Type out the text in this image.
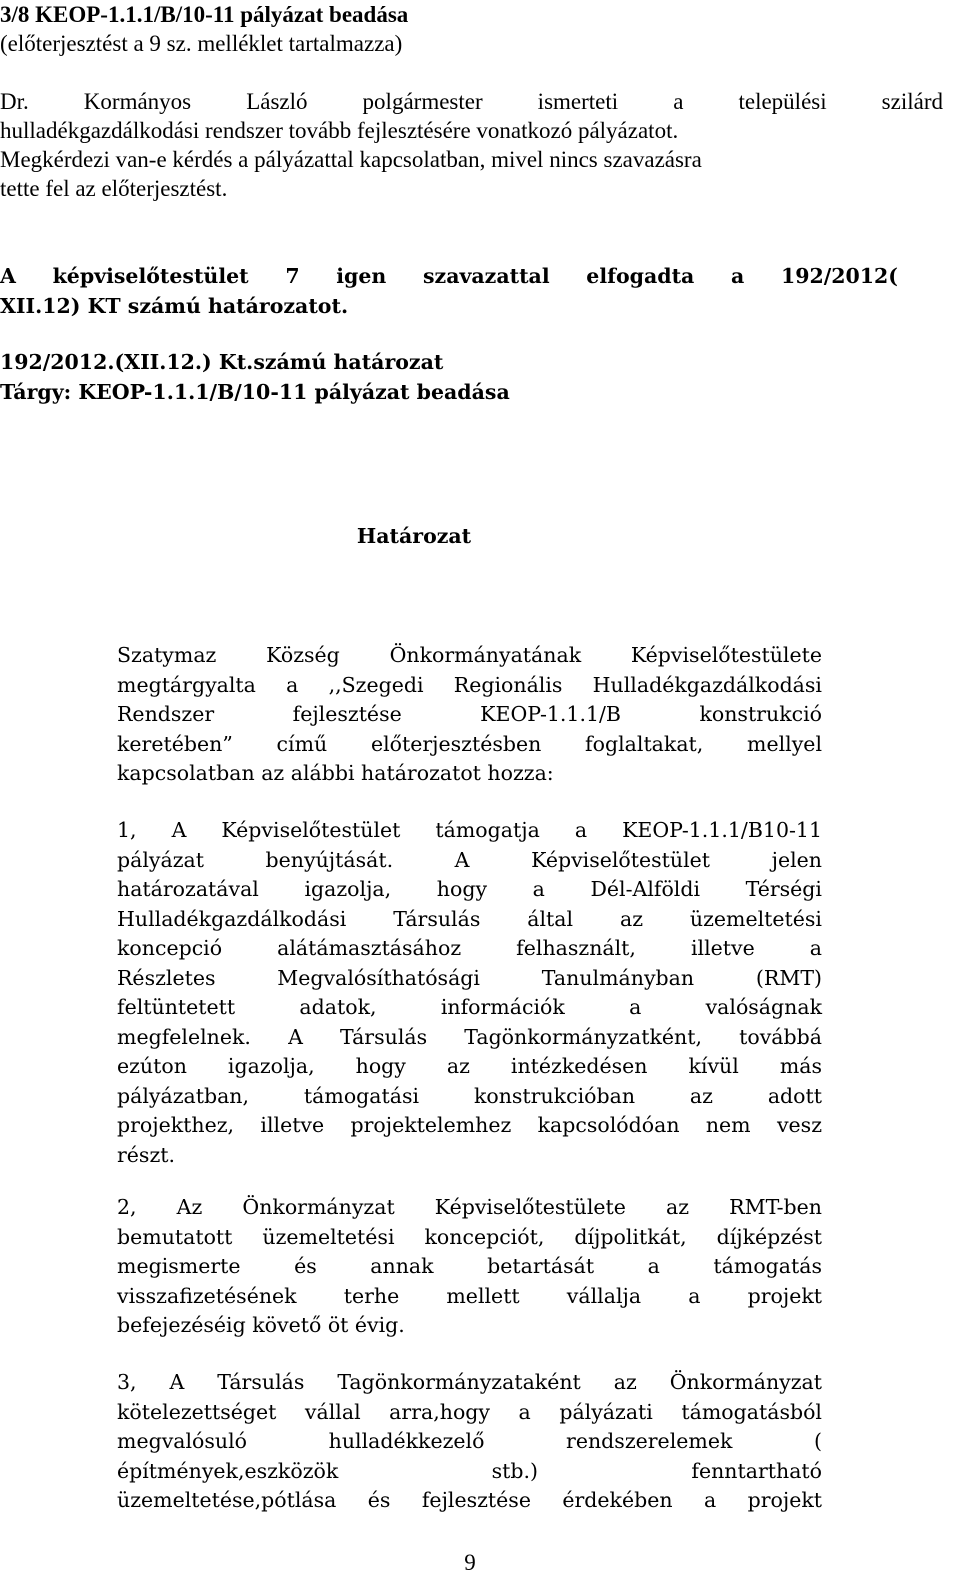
3/8 KEOP-1.1.1/B/10-11 pályázat beadása
(előterjesztést a 9 sz. melléklet tartalmazza)
Dr. Kormányos László polgármester ismerteti a települési szilárd
hulladékgazdálkodási rendszer tovább fejlesztésére vonatkozó pályázatot.
Megkérdezi van-e kérdés a pályázattal kapcsolatban, mivel nincs szavazásra
tette fel az előterjesztést.
A képviselőtestület 7 igen szavazattal elfogadta a 192/2012(
XII.12) KT számú határozatot.
192/2012.(XII.12.) Kt.számú határozat
Tárgy: KEOP-1.1.1/B/10-11 pályázat beadása
Határozat
Szatymaz Község Önkormányatának Képviselőtestülete
megtárgyalta a ,,Szegedi Regionális Hulladékgazdálkodási
Rendszer fejlesztése KEOP-1.1.1/B konstrukció
keretében” című előterjesztésben foglaltakat, mellyel
kapcsolatban az alábbi határozatot hozza:
1, A Képviselőtestület támogatja a KEOP-1.1.1/B10-11
pályázat benyújtását. A Képviselőtestület jelen
határozatával igazolja, hogy a Dél-Alföldi Térségi
Hulladékgazdálkodási Társulás által az üzemeltetési
koncepció alátámasztásához felhasznált, illetve a
Részletes Megvalósíthatósági Tanulmányban (RMT)
feltüntetett adatok, információk a valóságnak
megfelelnek. A Társulás Tagönkormányzatként, továbbá
ezúton igazolja, hogy az intézkedésen kívül más
pályázatban, támogatási konstrukcióban az adott
projekthez, illetve projektelemhez kapcsolódóan nem vesz
részt.
2, Az Önkormányzat Képviselőtestülete az RMT-ben
bemutatott üzemeltetési koncepciót, díjpolitkát, díjképzést
megismerte és annak betartását a támogatás
visszafizetésének terhe mellett vállalja a projekt
befejezéséig követő öt évig.
3, A Társulás Tagönkormányzataként az Önkormányzat
kötelezettséget vállal arra,hogy a pályázati támogatásból
megvalósuló hulladékkezelő rendszerelemek (
építmények,eszközök stb.) fenntartható
üzemeltetése,pótlása és fejlesztése érdekében a projekt
9
